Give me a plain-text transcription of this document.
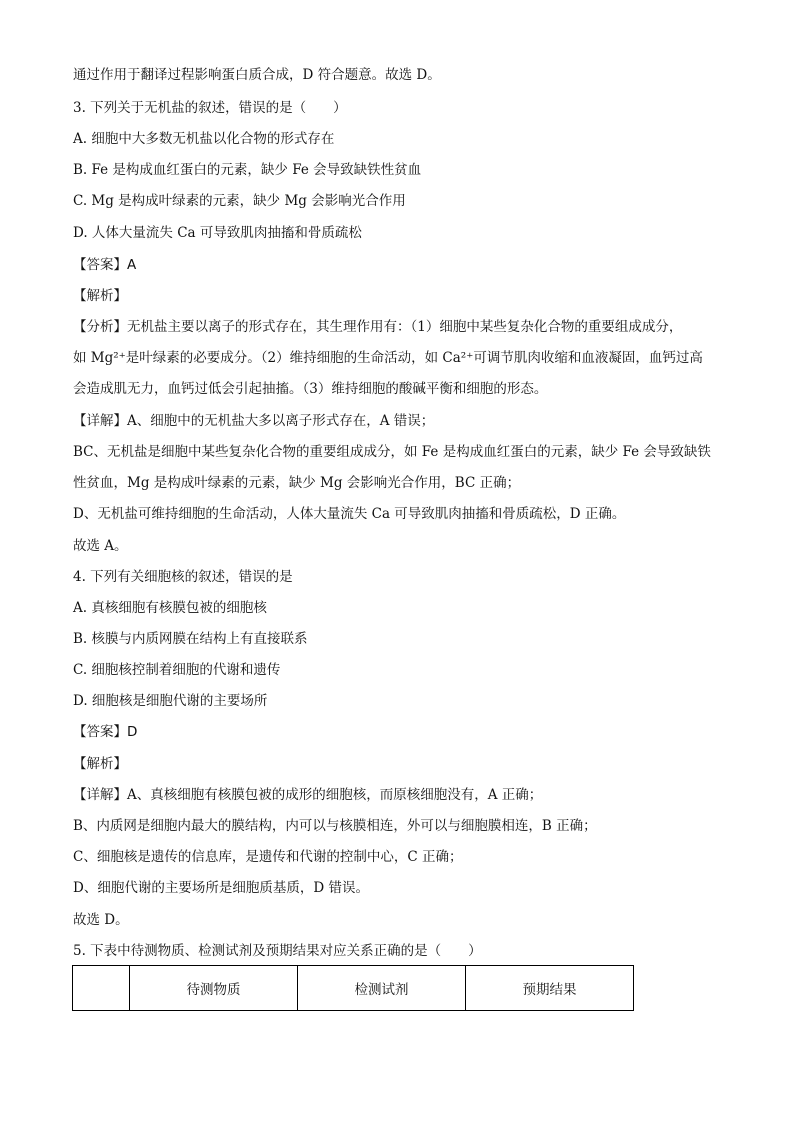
通过作用于翻译过程影响蛋白质合成，D 符合题意。故选 D。
3. 下列关于无机盐的叙述，错误的是（　　）
A. 细胞中大多数无机盐以化合物的形式存在
B. Fe 是构成血红蛋白的元素，缺少 Fe 会导致缺铁性贫血
C. Mg 是构成叶绿素的元素，缺少 Mg 会影响光合作用
D. 人体大量流失 Ca 可导致肌肉抽搐和骨质疏松
【答案】A
【解析】
【分析】无机盐主要以离子的形式存在，其生理作用有：（1）细胞中某些复杂化合物的重要组成成分，
如 Mg²⁺是叶绿素的必要成分。（2）维持细胞的生命活动，如 Ca²⁺可调节肌肉收缩和血液凝固，血钙过高
会造成肌无力，血钙过低会引起抽搐。（3）维持细胞的酸碱平衡和细胞的形态。
【详解】A、细胞中的无机盐大多以离子形式存在，A 错误；
BC、无机盐是细胞中某些复杂化合物的重要组成成分，如 Fe 是构成血红蛋白的元素，缺少 Fe 会导致缺铁
性贫血，Mg 是构成叶绿素的元素，缺少 Mg 会影响光合作用，BC 正确；
D、无机盐可维持细胞的生命活动，人体大量流失 Ca 可导致肌肉抽搐和骨质疏松，D 正确。
故选 A。
4. 下列有关细胞核的叙述，错误的是
A. 真核细胞有核膜包被的细胞核
B. 核膜与内质网膜在结构上有直接联系
C. 细胞核控制着细胞的代谢和遗传
D. 细胞核是细胞代谢的主要场所
【答案】D
【解析】
【详解】A、真核细胞有核膜包被的成形的细胞核，而原核细胞没有，A 正确；
B、内质网是细胞内最大的膜结构，内可以与核膜相连，外可以与细胞膜相连，B 正确；
C、细胞核是遗传的信息库，是遗传和代谢的控制中心，C 正确；
D、细胞代谢的主要场所是细胞质基质，D 错误。
故选 D。
5. 下表中待测物质、检测试剂及预期结果对应关系正确的是（　　）
	待测物质	检测试剂	预期结果
